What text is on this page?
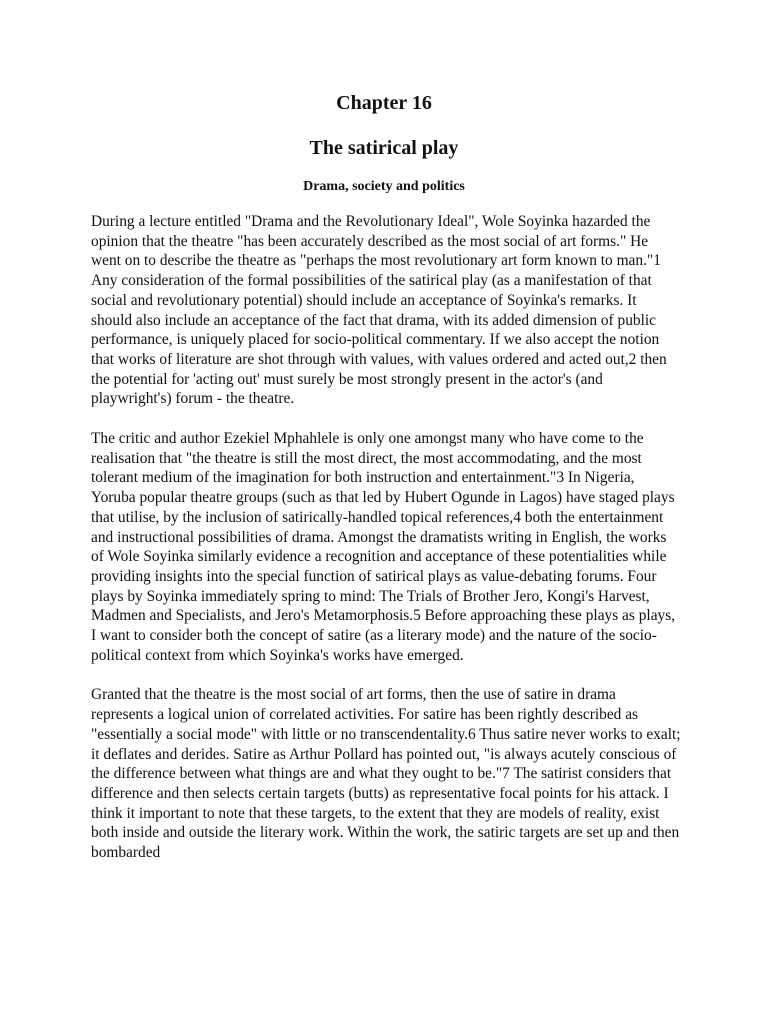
Chapter 16
The satirical play
Drama, society and politics

During a lecture entitled "Drama and the Revolutionary Ideal", Wole Soyinka hazarded the opinion that the theatre "has been accurately described as the most social of art forms." He went on to describe the theatre as "perhaps the most revolutionary art form known to man."1 Any consideration of the formal possibilities of the satirical play (as a manifestation of that social and revolutionary potential) should include an acceptance of Soyinka's remarks. It should also include an acceptance of the fact that drama, with its added dimension of public performance, is uniquely placed for socio-political commentary. If we also accept the notion that works of literature are shot through with values, with values ordered and acted out,2 then the potential for 'acting out' must surely be most strongly present in the actor's (and playwright's) forum - the theatre.

The critic and author Ezekiel Mphahlele is only one amongst many who have come to the realisation that "the theatre is still the most direct, the most accommodating, and the most tolerant medium of the imagination for both instruction and entertainment."3 In Nigeria, Yoruba popular theatre groups (such as that led by Hubert Ogunde in Lagos) have staged plays that utilise, by the inclusion of satirically-handled topical references,4 both the entertainment and instructional possibilities of drama. Amongst the dramatists writing in English, the works of Wole Soyinka similarly evidence a recognition and acceptance of these potentialities while providing insights into the special function of satirical plays as value-debating forums. Four plays by Soyinka immediately spring to mind: The Trials of Brother Jero, Kongi's Harvest, Madmen and Specialists, and Jero's Metamorphosis.5 Before approaching these plays as plays, I want to consider both the concept of satire (as a literary mode) and the nature of the socio-political context from which Soyinka's works have emerged.

Granted that the theatre is the most social of art forms, then the use of satire in drama represents a logical union of correlated activities. For satire has been rightly described as "essentially a social mode" with little or no transcendentality.6 Thus satire never works to exalt; it deflates and derides. Satire as Arthur Pollard has pointed out, "is always acutely conscious of the difference between what things are and what they ought to be."7 The satirist considers that difference and then selects certain targets (butts) as representative focal points for his attack. I think it important to note that these targets, to the extent that they are models of reality, exist both inside and outside the literary work. Within the work, the satiric targets are set up and then bombarded
